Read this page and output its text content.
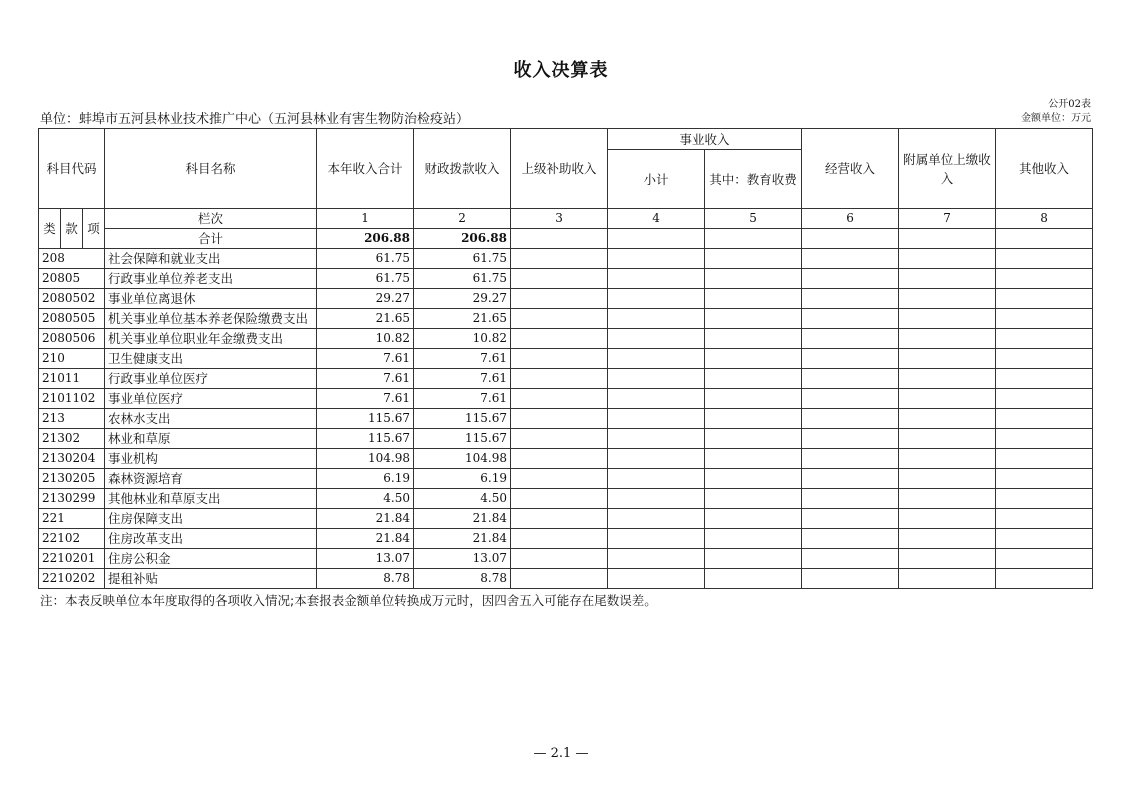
收入决算表
单位：蚌埠市五河县林业技术推广中心（五河县林业有害生物防治检疫站）
公开02表
金额单位：万元
科目代码			科目名称	本年收入合计	财政拨款收入	上级补助收入	事业收入		经营收入	附属单位上缴收入	其他收入
							小计	其中：教育收费			
类	款	项	栏次	1	2	3	4	5	6	7	8
			合计	206.88	206.88						
208			社会保障和就业支出	61.75	61.75						
20805			行政事业单位养老支出	61.75	61.75						
2080502			事业单位离退休	29.27	29.27						
2080505			机关事业单位基本养老保险缴费支出	21.65	21.65						
2080506			机关事业单位职业年金缴费支出	10.82	10.82						
210			卫生健康支出	7.61	7.61						
21011			行政事业单位医疗	7.61	7.61						
2101102			事业单位医疗	7.61	7.61						
213			农林水支出	115.67	115.67						
21302			林业和草原	115.67	115.67						
2130204			事业机构	104.98	104.98						
2130205			森林资源培育	6.19	6.19						
2130299			其他林业和草原支出	4.50	4.50						
221			住房保障支出	21.84	21.84						
22102			住房改革支出	21.84	21.84						
2210201			住房公积金	13.07	13.07						
2210202			提租补贴	8.78	8.78						
注：本表反映单位本年度取得的各项收入情况;本套报表金额单位转换成万元时，因四舍五入可能存在尾数误差。
— 2.1 —
